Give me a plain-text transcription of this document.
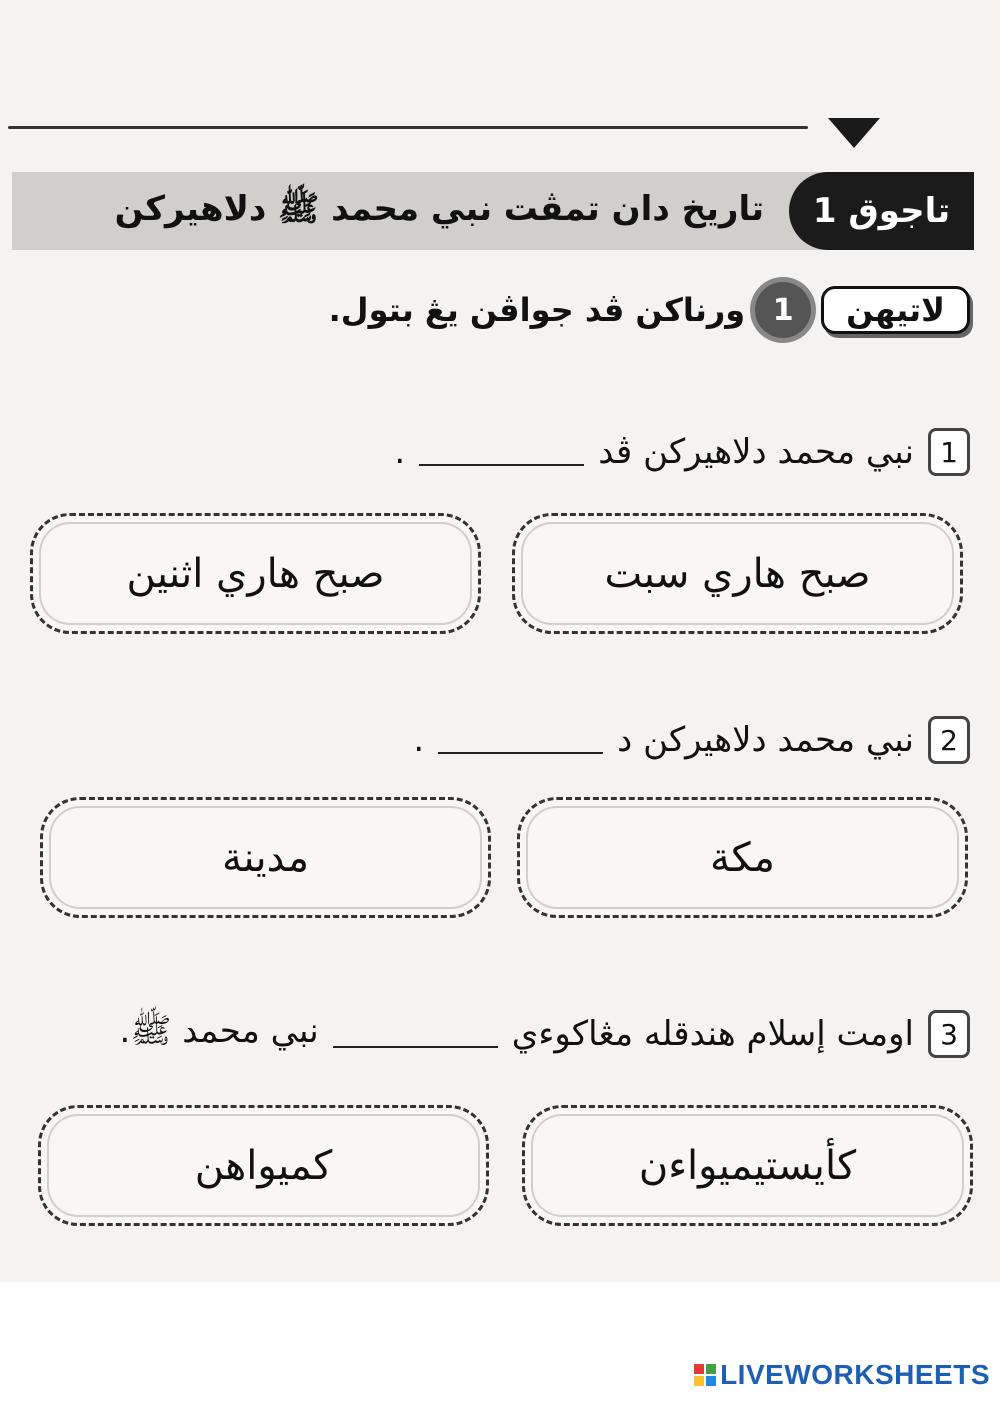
تاريخ دان تمڤت نبي محمد ﷺ دلاهيركن	تاجوق 1
لاتيهن
1
ورناكن ڤد جواڤن يڠ بتول.
1
نبي محمد دلاهيركن ڤد
.
صبح هاري سبت
صبح هاري اثنين
2
نبي محمد دلاهيركن د
.
مكة
مدينة
3
اومت إسلام هندقله مڠاكوءي
نبي محمد ﷺ.
كأيستيميواءن
كميواهن
LIVEWORKSHEETS
